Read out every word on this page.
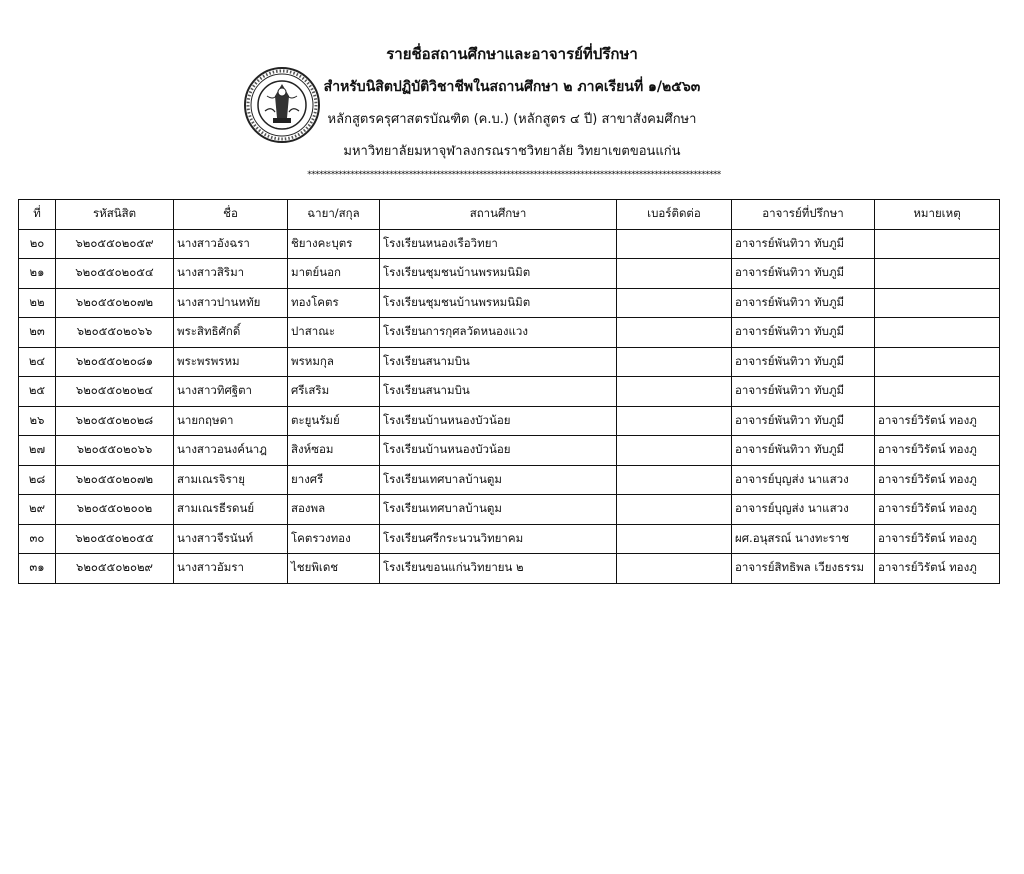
รายชื่อสถานศึกษาและอาจารย์ที่ปรึกษา
สำหรับนิสิตปฏิบัติวิชาชีพในสถานศึกษา ๒ ภาคเรียนที่ ๑/๒๕๖๓
หลักสูตรครุศาสตรบัณฑิต (ค.บ.) (หลักสูตร ๔ ปี) สาขาสังคมศึกษา
มหาวิทยาลัยมหาจุฬาลงกรณราชวิทยาลัย วิทยาเขตขอนแก่น
**********************************************************************************************************
ที่	รหัสนิสิต	ชื่อ	ฉายา/สกุล	สถานศึกษา	เบอร์ติดต่อ	อาจารย์ที่ปรึกษา	หมายเหตุ
๒๐	๖๒๐๕๕๐๒๐๕๙	นางสาวอังฉรา	ชิยางคะบุตร	โรงเรียนหนองเรือวิทยา		อาจารย์พันทิวา ทับภูมี	
๒๑	๖๒๐๕๕๐๒๐๕๔	นางสาวสิริมา	มาตย์นอก	โรงเรียนชุมชนบ้านพรหมนิมิต		อาจารย์พันทิวา ทับภูมี	
๒๒	๖๒๐๕๕๐๒๐๗๒	นางสาวปานหทัย	ทองโคตร	โรงเรียนชุมชนบ้านพรหมนิมิต		อาจารย์พันทิวา ทับภูมี	
๒๓	๖๒๐๕๕๐๒๐๖๖	พระสิทธิศักดิ์	ปาสาณะ	โรงเรียนการกุศลวัดหนองแวง		อาจารย์พันทิวา ทับภูมี	
๒๔	๖๒๐๕๕๐๒๐๘๑	พระพรพรหม	พรหมกุล	โรงเรียนสนามบิน		อาจารย์พันทิวา ทับภูมี	
๒๕	๖๒๐๕๕๐๒๐๒๔	นางสาวทิศฐิตา	ศรีเสริม	โรงเรียนสนามบิน		อาจารย์พันทิวา ทับภูมี	
๒๖	๖๒๐๕๕๐๒๐๒๘	นายกฤษดา	ตะยูนรัมย์	โรงเรียนบ้านหนองบัวน้อย		อาจารย์พันทิวา ทับภูมี	อาจารย์วิรัตน์ ทองภู
๒๗	๖๒๐๕๕๐๒๐๖๖	นางสาวอนงค์นาฎ	สิงห์ซอม	โรงเรียนบ้านหนองบัวน้อย		อาจารย์พันทิวา ทับภูมี	อาจารย์วิรัตน์ ทองภู
๒๘	๖๒๐๕๕๐๒๐๗๒	สามเณรจิรายุ	ยางศรี	โรงเรียนเทศบาลบ้านตูม		อาจารย์บุญส่ง นาแสวง	อาจารย์วิรัตน์ ทองภู
๒๙	๖๒๐๕๕๐๒๐๐๒	สามเณรธีรดนย์	สองพล	โรงเรียนเทศบาลบ้านตูม		อาจารย์บุญส่ง นาแสวง	อาจารย์วิรัตน์ ทองภู
๓๐	๖๒๐๕๕๐๒๐๕๕	นางสาวจีรนันท์	โคตรวงทอง	โรงเรียนศรีกระนวนวิทยาคม		ผศ.อนุสรณ์ นางทะราช	อาจารย์วิรัตน์ ทองภู
๓๑	๖๒๐๕๕๐๒๐๒๙	นางสาวอัมรา	ไชยพิเดช	โรงเรียนขอนแก่นวิทยายน ๒		อาจารย์สิทธิพล เวียงธรรม	อาจารย์วิรัตน์ ทองภู
